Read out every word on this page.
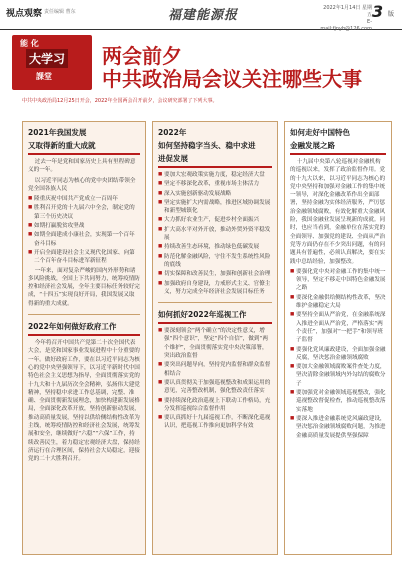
视点观察 责任编辑 曹东	福建能源报	2022年1月14日 星期五
E-mail:fjnyb@126.com
3 版
能 化
大学习
課堂
两会前夕
中共政治局会议关注哪些大事
中共中央政治局12月25日开会，2022年全国两会召开前夕，会议研究部署了下列大事。
2021年我国发展
又取得新的重大成就

过去一年是党和国家历史上具有里程碑意义的一年。

以习近平同志为核心的党中央团结带领全党全国各族人民

■ 隆重庆祝中国共产党成立一百周年

■ 胜利召开党的十九届六中全会，制定党的第三个历史决议

■ 如期打赢脱贫攻坚战

■ 如期全面建成小康社会，实现第一个百年奋斗目标

■ 开启全面建设社会主义现代化国家、向第二个百年奋斗目标进军新征程

一年来，面对复杂严峻的国内外形势和诸多风险挑战，全国上下共同努力，统筹疫情防控和经济社会发展，全年主要目标任务较好完成，“十四五”实现良好开局，我国发展又取得新的重大成就。

2022年如何做好政府工作

今年将召开中国共产党第二十次全国代表大会，是党和国家事业发展进程中十分重要的一年。做好政府工作，要在以习近平同志为核心的党中央坚强领导下，以习近平新时代中国特色社会主义思想为指导，全面贯彻落实党的十九大和十九届历次全会精神，弘扬伟大建党精神，坚持稳中求进工作总基调，完整、准确、全面贯彻新发展理念，加快构建新发展格局，全面深化改革开放，坚持创新驱动发展，推动高质量发展，坚持以供给侧结构性改革为主线，统筹疫情防控和经济社会发展，统筹发展和安全，继续做好“六稳”“六保”工作，持续改善民生，着力稳定宏观经济大盘，保持经济运行在合理区间，保持社会大局稳定，迎接党的二十大胜利召开。

2022年
如何坚持稳字当头、稳中求进
进促发展

■ 要加大宏观政策实施力度，稳定经济大盘

■ 坚定不移深化改革，重视市场主体活力

■ 深入实施创新驱动发展战略

■ 坚定实施扩大内需战略，推进区域协调发展和新型城镇化

■ 大力抓好农业生产，促进乡村全面振兴

■ 扩大高水平对外开放，推动外贸外资平稳发展

■ 持续改善生态环境，推动绿色低碳发展

■ 防范化解金融风险，守住不发生系统性风险的底线

■ 切实保障和改善民生，加强和创新社会治理

■ 加强政府自身建设，力戒形式主义、官僚主义，努力完成全年经济社会发展目标任务

如何抓好2022年巡视工作

■ 要深刻领会“两个确立”的决定性意义，增强“四个意识”，坚定“四个自信”，做到“两个维护”，全面贯彻落实党中央决策部署，突出政治监督

■ 要突出问题导向，坚持党内监督和群众监督相结合

■ 要认真贯彻关于加强巡视整改和成果运用的意见，完善整改机制，强化整改责任落实

■ 要持续深化政治巡视上下联动工作格局，充分发挥巡视综合监督作用

■ 要认真抓好十九届巡视工作，不断深化巡视认识，把巡视工作推向更加科学有效

如何走好中国特色
金融发展之路

十九届中央第八轮巡视对金融机构的巡视以来，发挥了政治监督作用。党的十九大以来，以习近平同志为核心的党中央坚持和加强对金融工作的集中统一领导，对深化金融改革作出全面部署，坚持金融为实体经济服务，严厉惩治金融领域腐败，有效化解重大金融风险，我国金融业发展呈现新的成就。同时，也应当看到，金融单位在落实党的全面领导、加强党的建设、全面从严治党等方面仍存在不少突出问题，有的问题具有普遍性，必须认真解决，要在实践中总结经验，加强整改。

■ 要强化党中央对金融工作的集中统一领导，坚定不移走中国特色金融发展之路

■ 要深化金融供给侧结构性改革，坚决维护金融稳定大局

■ 要坚持全面从严治党，在金融系统深入推进全面从严治党，严格落实“两个责任”，加强对“一把手”和领导班子监督

■ 要强化党风廉政建设，全面加强金融反腐，坚决惩治金融领域腐败

■ 要加大金融领域腐败案件查处力度，坚决清除金融领域内外勾结的腐败分子

■ 要加强党对金融领域巡视整改，强化巡视整改督促检查，推动巡视整改落实落地

■ 要深入推进金融系统党风廉政建设，坚决惩治金融领域腐败问题，为推进金融高质量发展提供坚强保障
